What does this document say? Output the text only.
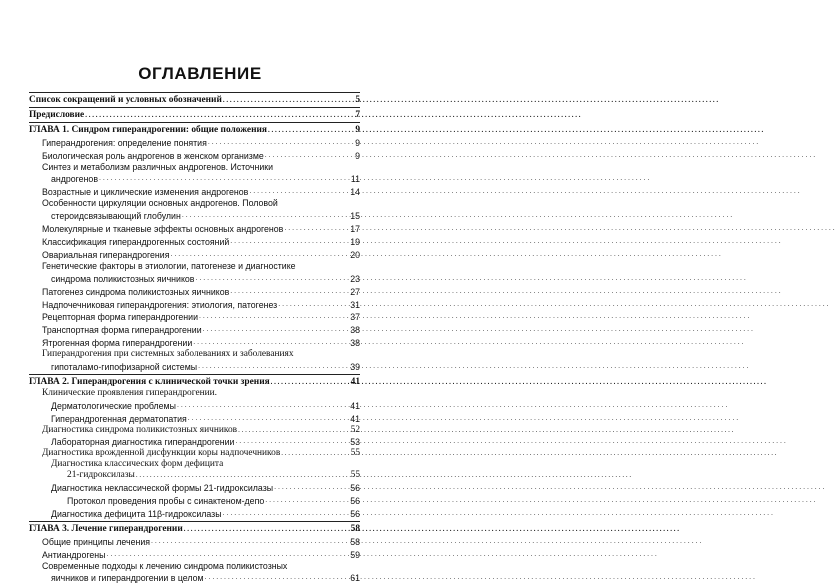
ОГЛАВЛЕНИЕ
Список сокращений и условных обозначений . . .	5
Предисловие . . .	7
ГЛАВА 1. Синдром гиперандрогении: общие положения . . .	9
Гиперандрогения: определение понятия . . .	9
Биологическая роль андрогенов в женском организме . . .	9
Синтез и метаболизм различных андрогенов. Источники
андрогенов . . .	11
Возрастные и циклические изменения андрогенов . . .	14
Особенности циркуляции основных андрогенов. Половой
стероидсвязывающий глобулин . . .	15
Молекулярные и тканевые эффекты основных андрогенов . . .	17
Классификация гиперандрогенных состояний . . .	19
Овариальная гиперандрогения . . .	20
Генетические факторы в этиологии, патогенезе и диагностике
синдрома поликистозных яичников . . .	23
Патогенез синдрома поликистозных яичников . . .	27
Надпочечниковая гиперандрогения: этиология, патогенез . . .	31
Рецепторная форма гиперандрогении . . .	37
Транспортная форма гиперандрогении . . .	38
Ятрогенная форма гиперандрогении . . .	38
Гиперандрогения при системных заболеваниях и заболеваниях
гипоталамо-гипофизарной системы . . .	39
ГЛАВА 2. Гиперандрогения с клинической точки зрения . . .	41
Клинические проявления гиперандрогении.
Дерматологические проблемы . . .	41
Гиперандрогенная дерматопатия . . .	41
Диагностика синдрома поликистозных яичников . . .	52
Лабораторная диагностика гиперандрогении . . .	53
Диагностика врожденной дисфункции коры надпочечников . . .	55
Диагностика классических форм дефицита
21-гидроксилазы . . .	55
Диагностика неклассической формы 21-гидроксилазы . . .	56
Протокол проведения пробы с синактеном-депо . . .	56
Диагностика дефицита 11β-гидроксилазы . . .	56
ГЛАВА 3. Лечение гиперандрогении . . .	58
Общие принципы лечения . . .	58
Антиандрогены . . .	59
Современные подходы к лечению синдрома поликистозных
яичников и гиперандрогении в целом . . .	61
